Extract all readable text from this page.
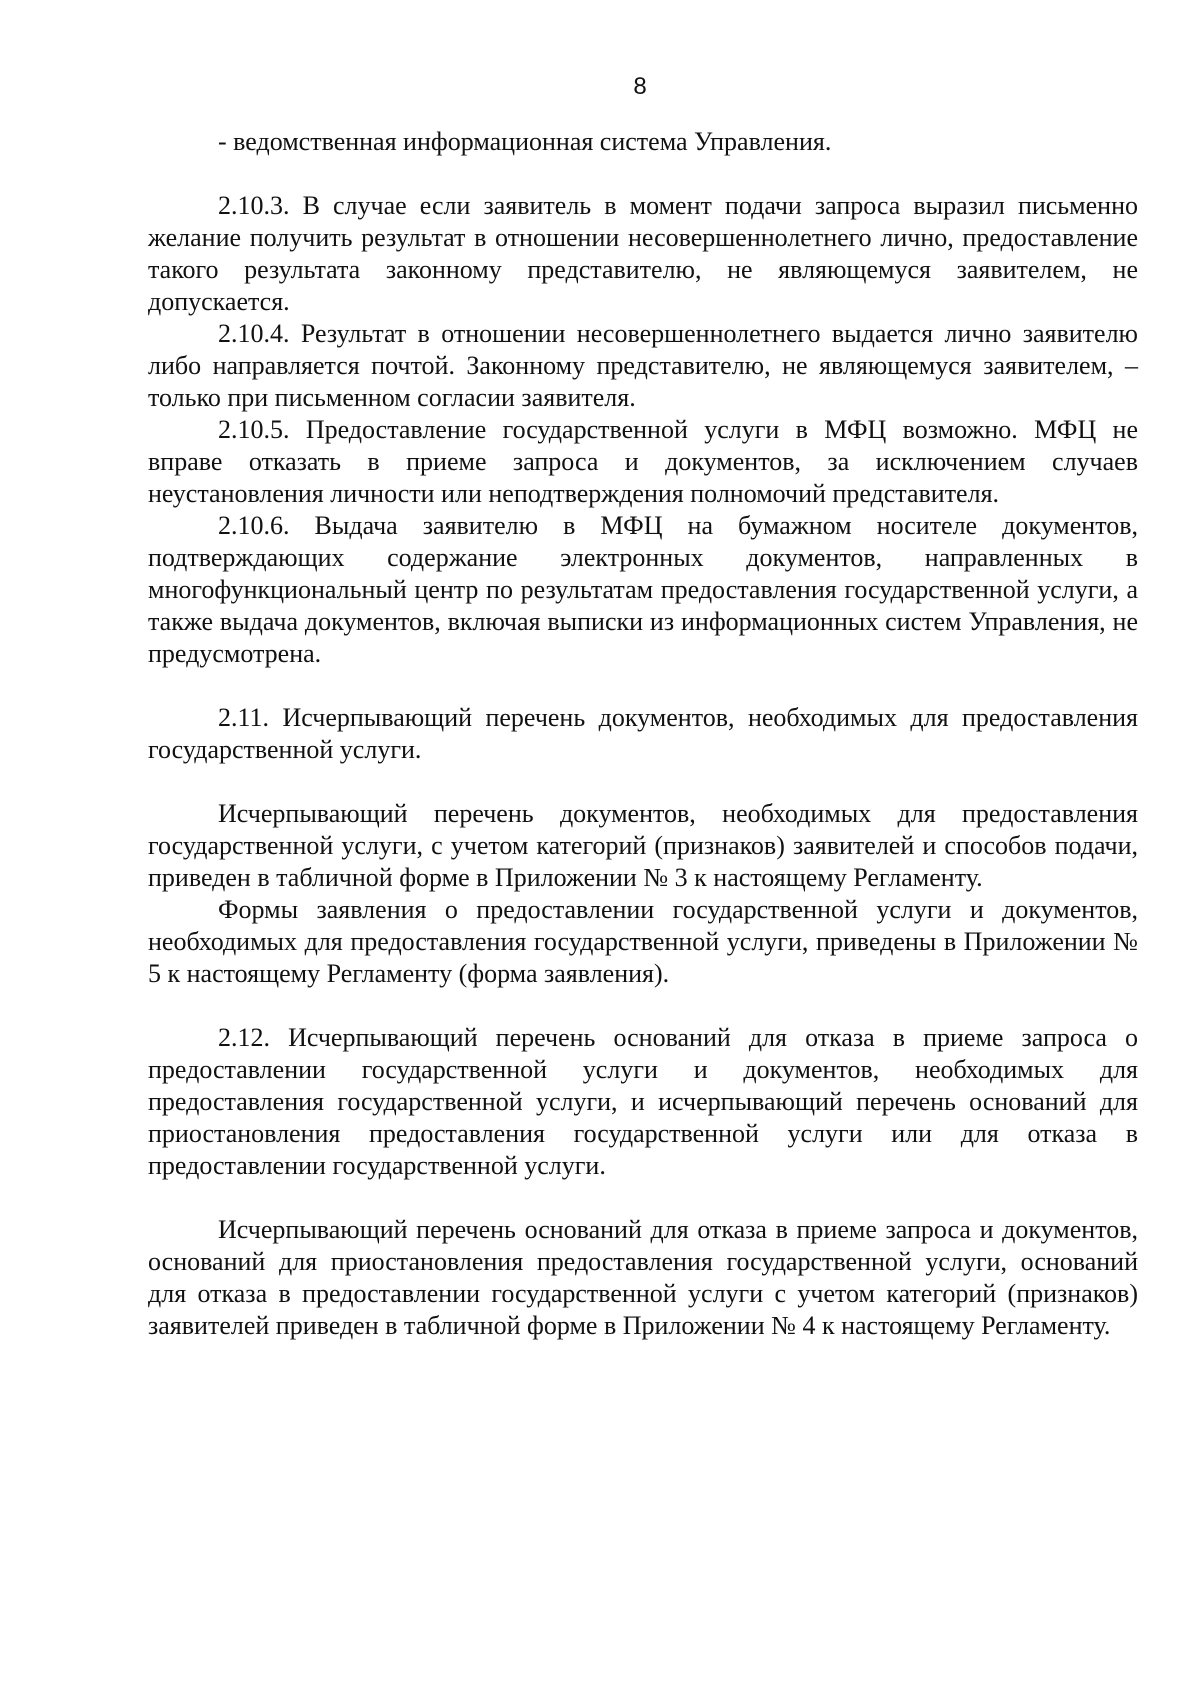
8

- ведомственная информационная система Управления.

2.10.3. В случае если заявитель в момент подачи запроса выразил письменно желание получить результат в отношении несовершеннолетнего лично, предоставление такого результата законному представителю, не являющемуся заявителем, не допускается.

2.10.4. Результат в отношении несовершеннолетнего выдается лично заявителю либо направляется почтой. Законному представителю, не являющемуся заявителем, – только при письменном согласии заявителя.

2.10.5. Предоставление государственной услуги в МФЦ возможно. МФЦ не вправе отказать в приеме запроса и документов, за исключением случаев неустановления личности или неподтверждения полномочий представителя.

2.10.6. Выдача заявителю в МФЦ на бумажном носителе документов, подтверждающих содержание электронных документов, направленных в многофункциональный центр по результатам предоставления государственной услуги, а также выдача документов, включая выписки из информационных систем Управления, не предусмотрена.

2.11. Исчерпывающий перечень документов, необходимых для предоставления государственной услуги.

Исчерпывающий перечень документов, необходимых для предоставления государственной услуги, с учетом категорий (признаков) заявителей и способов подачи, приведен в табличной форме в Приложении № 3 к настоящему Регламенту.

Формы заявления о предоставлении государственной услуги и документов, необходимых для предоставления государственной услуги, приведены в Приложении № 5 к настоящему Регламенту (форма заявления).

2.12. Исчерпывающий перечень оснований для отказа в приеме запроса о предоставлении государственной услуги и документов, необходимых для предоставления государственной услуги, и исчерпывающий перечень оснований для приостановления предоставления государственной услуги или для отказа в предоставлении государственной услуги.

Исчерпывающий перечень оснований для отказа в приеме запроса и документов, оснований для приостановления предоставления государственной услуги, оснований для отказа в предоставлении государственной услуги с учетом категорий (признаков) заявителей приведен в табличной форме в Приложении № 4 к настоящему Регламенту.
